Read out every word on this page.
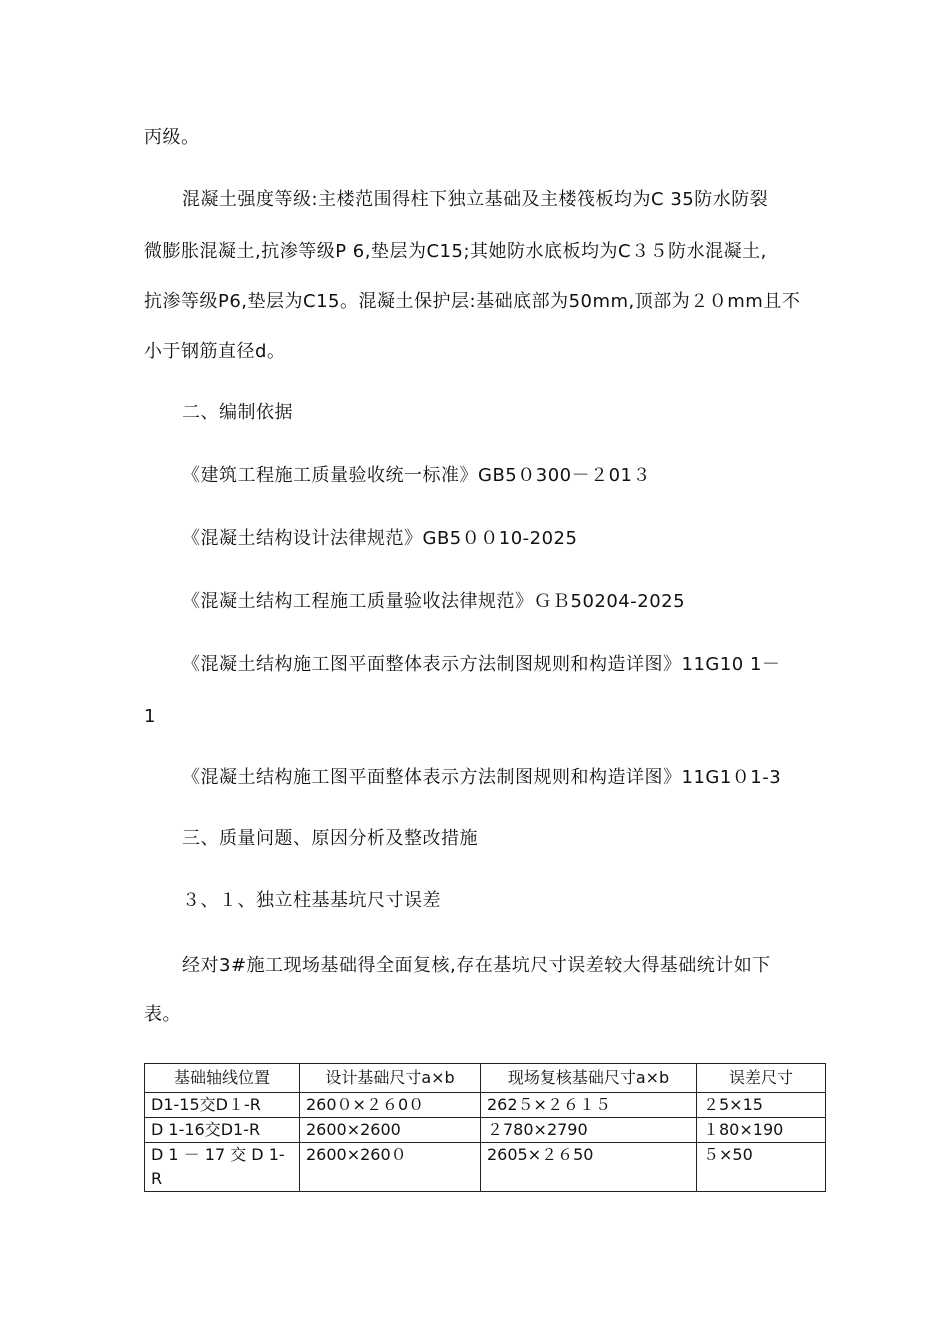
丙级。
混凝土强度等级:主楼范围得柱下独立基础及主楼筏板均为C 35防水防裂
微膨胀混凝土,抗渗等级P 6,垫层为C15;其她防水底板均为C３５防水混凝土,
抗渗等级P6,垫层为C15。混凝土保护层:基础底部为50mm,顶部为２０mm且不
小于钢筋直径d。
二、编制依据
《建筑工程施工质量验收统一标准》GB5０300－２01３
《混凝土结构设计法律规范》GB5００10-2025
《混凝土结构工程施工质量验收法律规范》ＧＢ50204-2025
《混凝土结构施工图平面整体表示方法制图规则和构造详图》11G10 1－
1
《混凝土结构施工图平面整体表示方法制图规则和构造详图》11G1０1-3
三、质量问题、原因分析及整改措施
３、１、独立柱基基坑尺寸误差
经对3#施工现场基础得全面复核,存在基坑尺寸误差较大得基础统计如下
表。
基础轴线位置	设计基础尺寸a×b	现场复核基础尺寸a×b	误差尺寸
D1-15交D１-R	260０×２６0０	262５×２６１５	２5×15
D 1-16交D1-R	2600×2600	２780×2790	１80×190
D 1 － 17 交 D 1-R	2600×260０	2605×２６50	５×50
